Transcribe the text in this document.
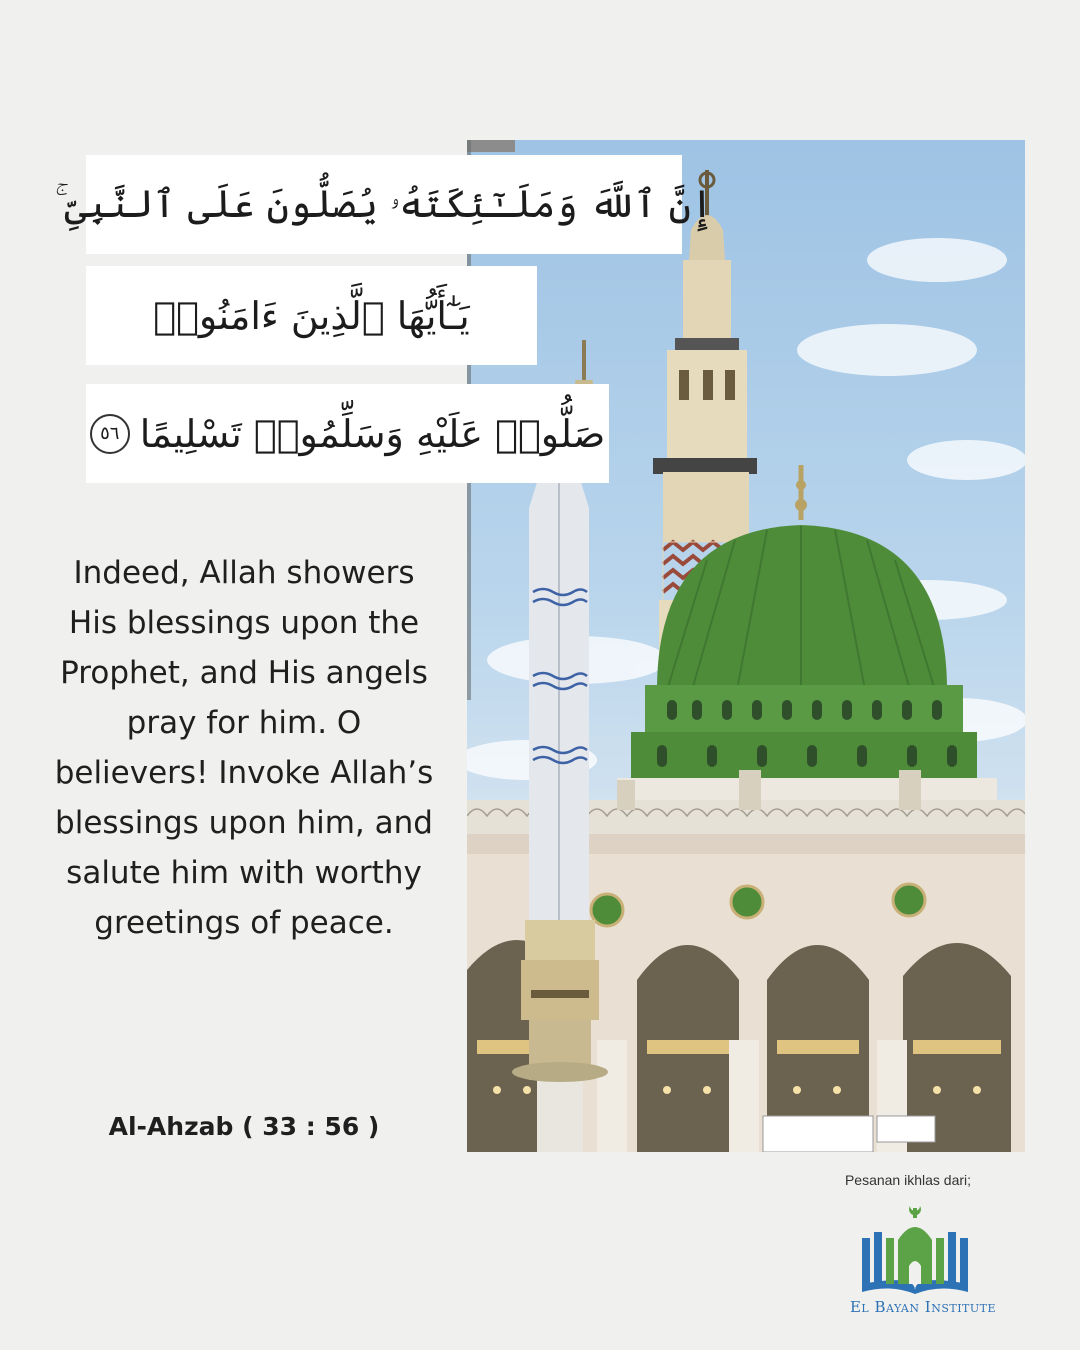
إِنَّ ٱللَّهَ وَمَلَـٰٓئِكَتَهُۥ يُصَلُّونَ عَلَى ٱلنَّبِىِّ ۚ
يَـٰٓأَيُّهَا ٱلَّذِينَ ءَامَنُوا۟
صَلُّوا۟ عَلَيْهِ وَسَلِّمُوا۟ تَسْلِيمًا
٥٦

Indeed, Allah showers His blessings upon the Prophet, and His angels pray for him. O believers! Invoke Allah’s blessings upon him, and salute him with worthy greetings of peace.

Al-Ahzab ( 33 : 56 )

Pesanan ikhlas dari;
El Bayan Institute
